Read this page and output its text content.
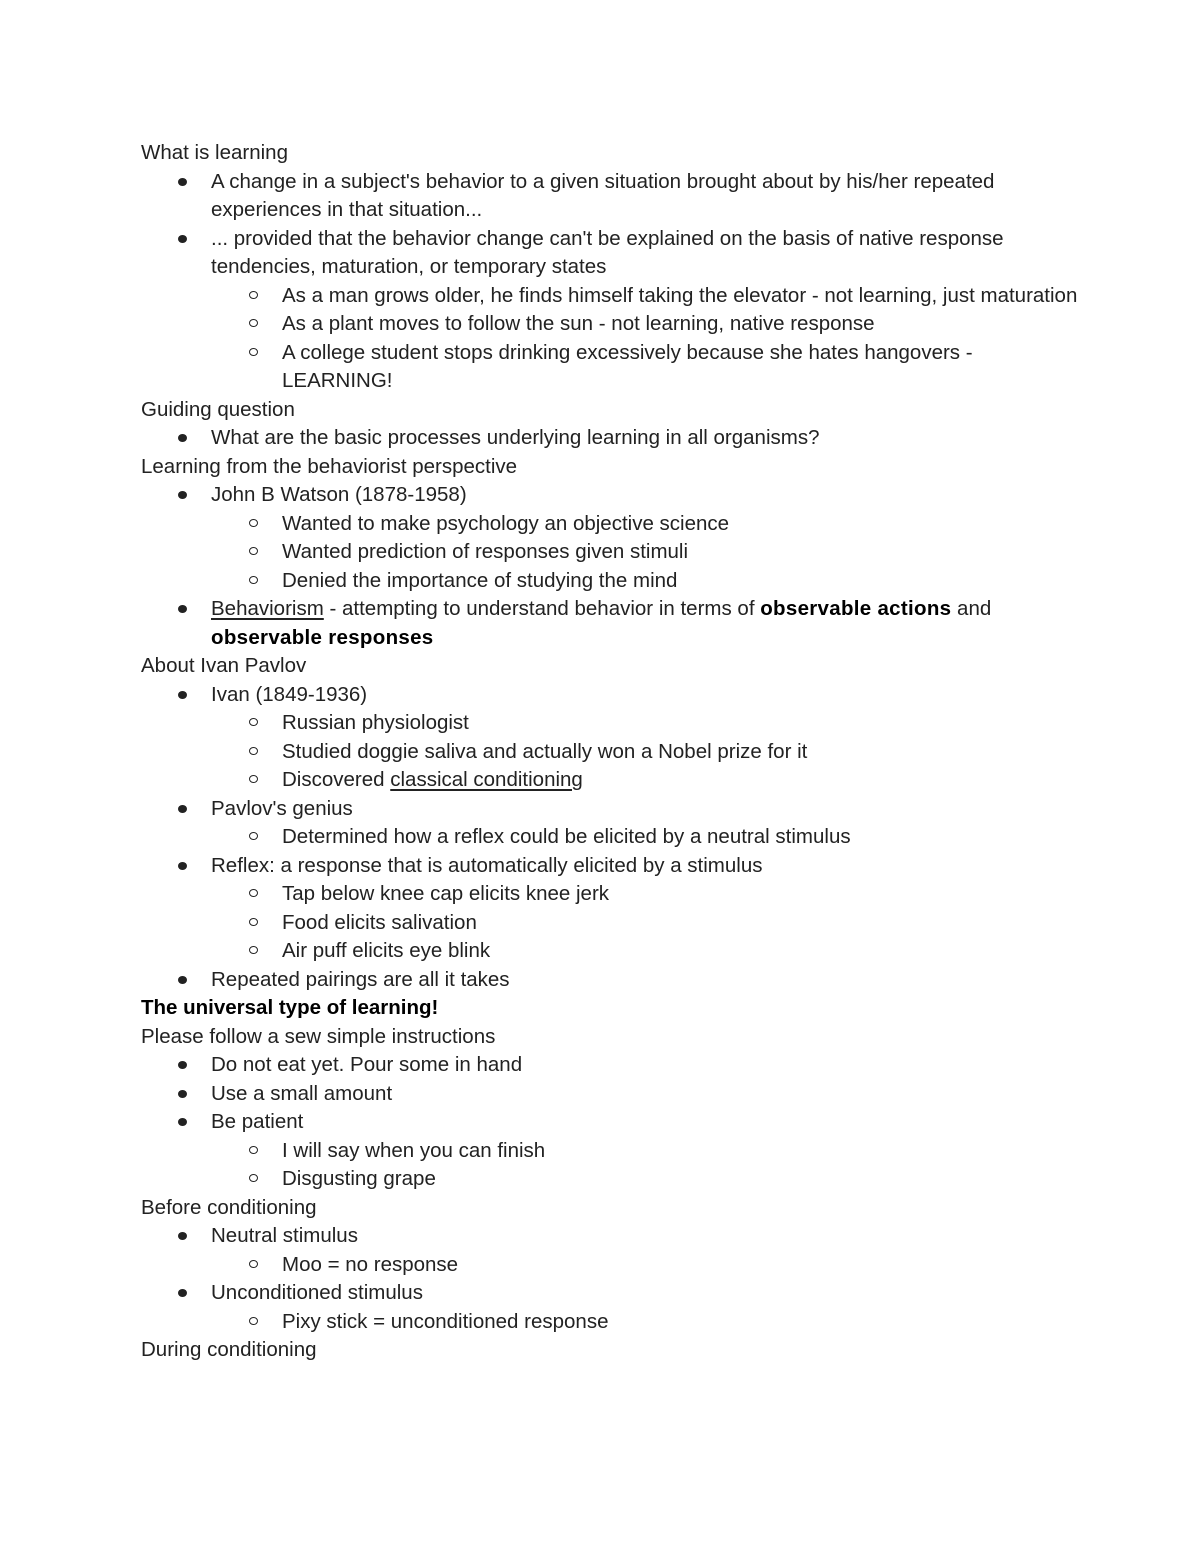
What is learning

A change in a subject's behavior to a given situation brought about by his/her repeated experiences in that situation...
... provided that the behavior change can't be explained on the basis of native response tendencies, maturation, or temporary states
As a man grows older, he finds himself taking the elevator - not learning, just maturation
As a plant moves to follow the sun - not learning, native response
A college student stops drinking excessively because she hates hangovers - LEARNING!

Guiding question

What are the basic processes underlying learning in all organisms?

Learning from the behaviorist perspective

John B Watson (1878-1958)
Wanted to make psychology an objective science
Wanted prediction of responses given stimuli
Denied the importance of studying the mind
Behaviorism - attempting to understand behavior in terms of observable actions and observable responses

About Ivan Pavlov

Ivan (1849-1936)
Russian physiologist
Studied doggie saliva and actually won a Nobel prize for it
Discovered classical conditioning
Pavlov's genius
Determined how a reflex could be elicited by a neutral stimulus
Reflex: a response that is automatically elicited by a stimulus
Tap below knee cap elicits knee jerk
Food elicits salivation
Air puff elicits eye blink
Repeated pairings are all it takes

The universal type of learning!

Please follow a sew simple instructions

Do not eat yet. Pour some in hand
Use a small amount
Be patient
I will say when you can finish
Disgusting grape

Before conditioning

Neutral stimulus
Moo = no response
Unconditioned stimulus
Pixy stick = unconditioned response

During conditioning
